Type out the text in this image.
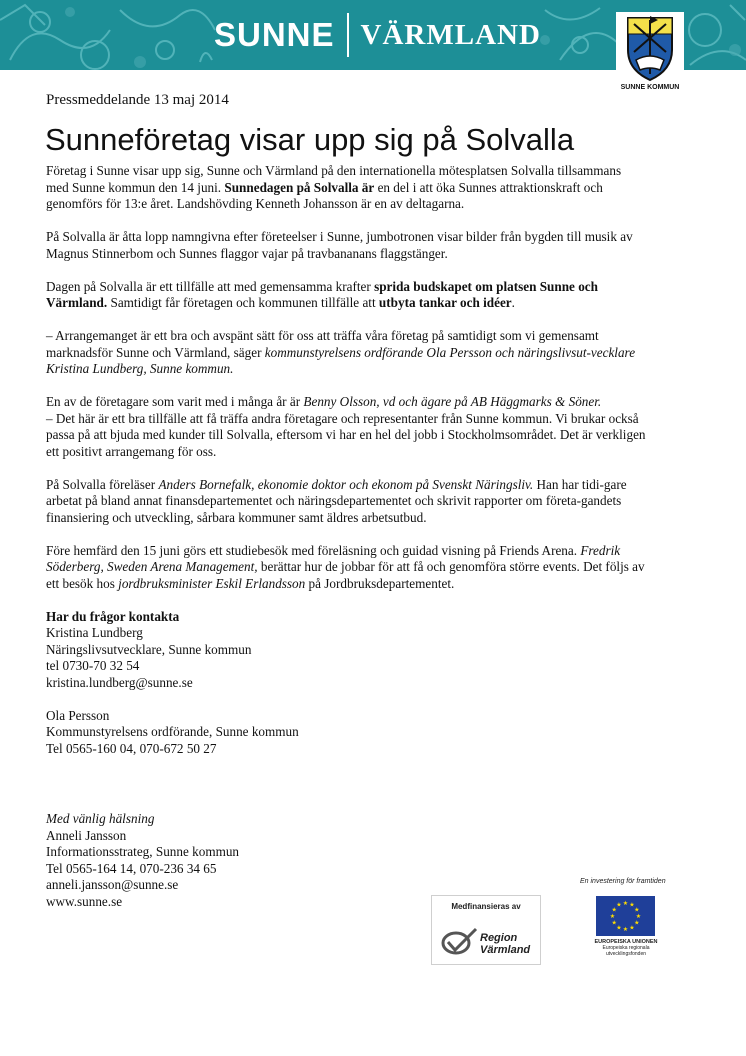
SUNNE VÄRMLAND
SUNNE KOMMUN
Pressmeddelande 13 maj 2014
Sunneföretag visar upp sig på Solvalla

Företag i Sunne visar upp sig, Sunne och Värmland på den internationella mötesplatsen Solvalla tillsammans med Sunne kommun den 14 juni. Sunnedagen på Solvalla är en del i att öka Sunnes attraktionskraft och genomförs för 13:e året. Landshövding Kenneth Johansson är en av deltagarna.

På Solvalla är åtta lopp namngivna efter företeelser i Sunne, jumbotronen visar bilder från bygden till musik av Magnus Stinnerbom och Sunnes flaggor vajar på travbananans flaggstänger.

Dagen på Solvalla är ett tillfälle att med gemensamma krafter sprida budskapet om platsen Sunne och Värmland. Samtidigt får företagen och kommunen tillfälle att utbyta tankar och idéer.

– Arrangemanget är ett bra och avspänt sätt för oss att träffa våra företag på samtidigt som vi gemensamt marknadsför Sunne och Värmland, säger kommunstyrelsens ordförande Ola Persson och näringslivsut-vecklare Kristina Lundberg, Sunne kommun.

En av de företagare som varit med i många år är Benny Olsson, vd och ägare på AB Häggmarks & Söner.
– Det här är ett bra tillfälle att få träffa andra företagare och representanter från Sunne kommun. Vi brukar också passa på att bjuda med kunder till Solvalla, eftersom vi har en hel del jobb i Stockholmsområdet. Det är verkligen ett positivt arrangemang för oss.

På Solvalla föreläser Anders Bornefalk, ekonomie doktor och ekonom på Svenskt Näringsliv. Han har tidi-gare arbetat på bland annat finansdepartementet och näringsdepartementet och skrivit rapporter om företa-gandets finansiering och utveckling, sårbara kommuner samt äldres arbetsutbud.

Före hemfärd den 15 juni görs ett studiebesök med föreläsning och guidad visning på Friends Arena. Fredrik Söderberg, Sweden Arena Management, berättar hur de jobbar för att få och genomföra större events. Det följs av ett besök hos jordbruksminister Eskil Erlandsson på Jordbruksdepartementet.

Har du frågor kontakta
Kristina Lundberg
Näringslivsutvecklare, Sunne kommun
tel 0730-70 32 54
kristina.lundberg@sunne.se
Ola Persson
Kommunstyrelsens ordförande, Sunne kommun
Tel 0565-160 04, 070-672 50 27
Med vänlig hälsning
Anneli Jansson
Informationsstrateg, Sunne kommun
Tel 0565-164 14, 070-236 34 65
anneli.jansson@sunne.se
www.sunne.se	Medfinansieras av
Region
Värmland
En investering för framtiden
★ ★
★
★
★
★
★
★
★
★
★
★
EUROPEISKA UNIONEN
Europeiska regionala
utvecklingsfonden
